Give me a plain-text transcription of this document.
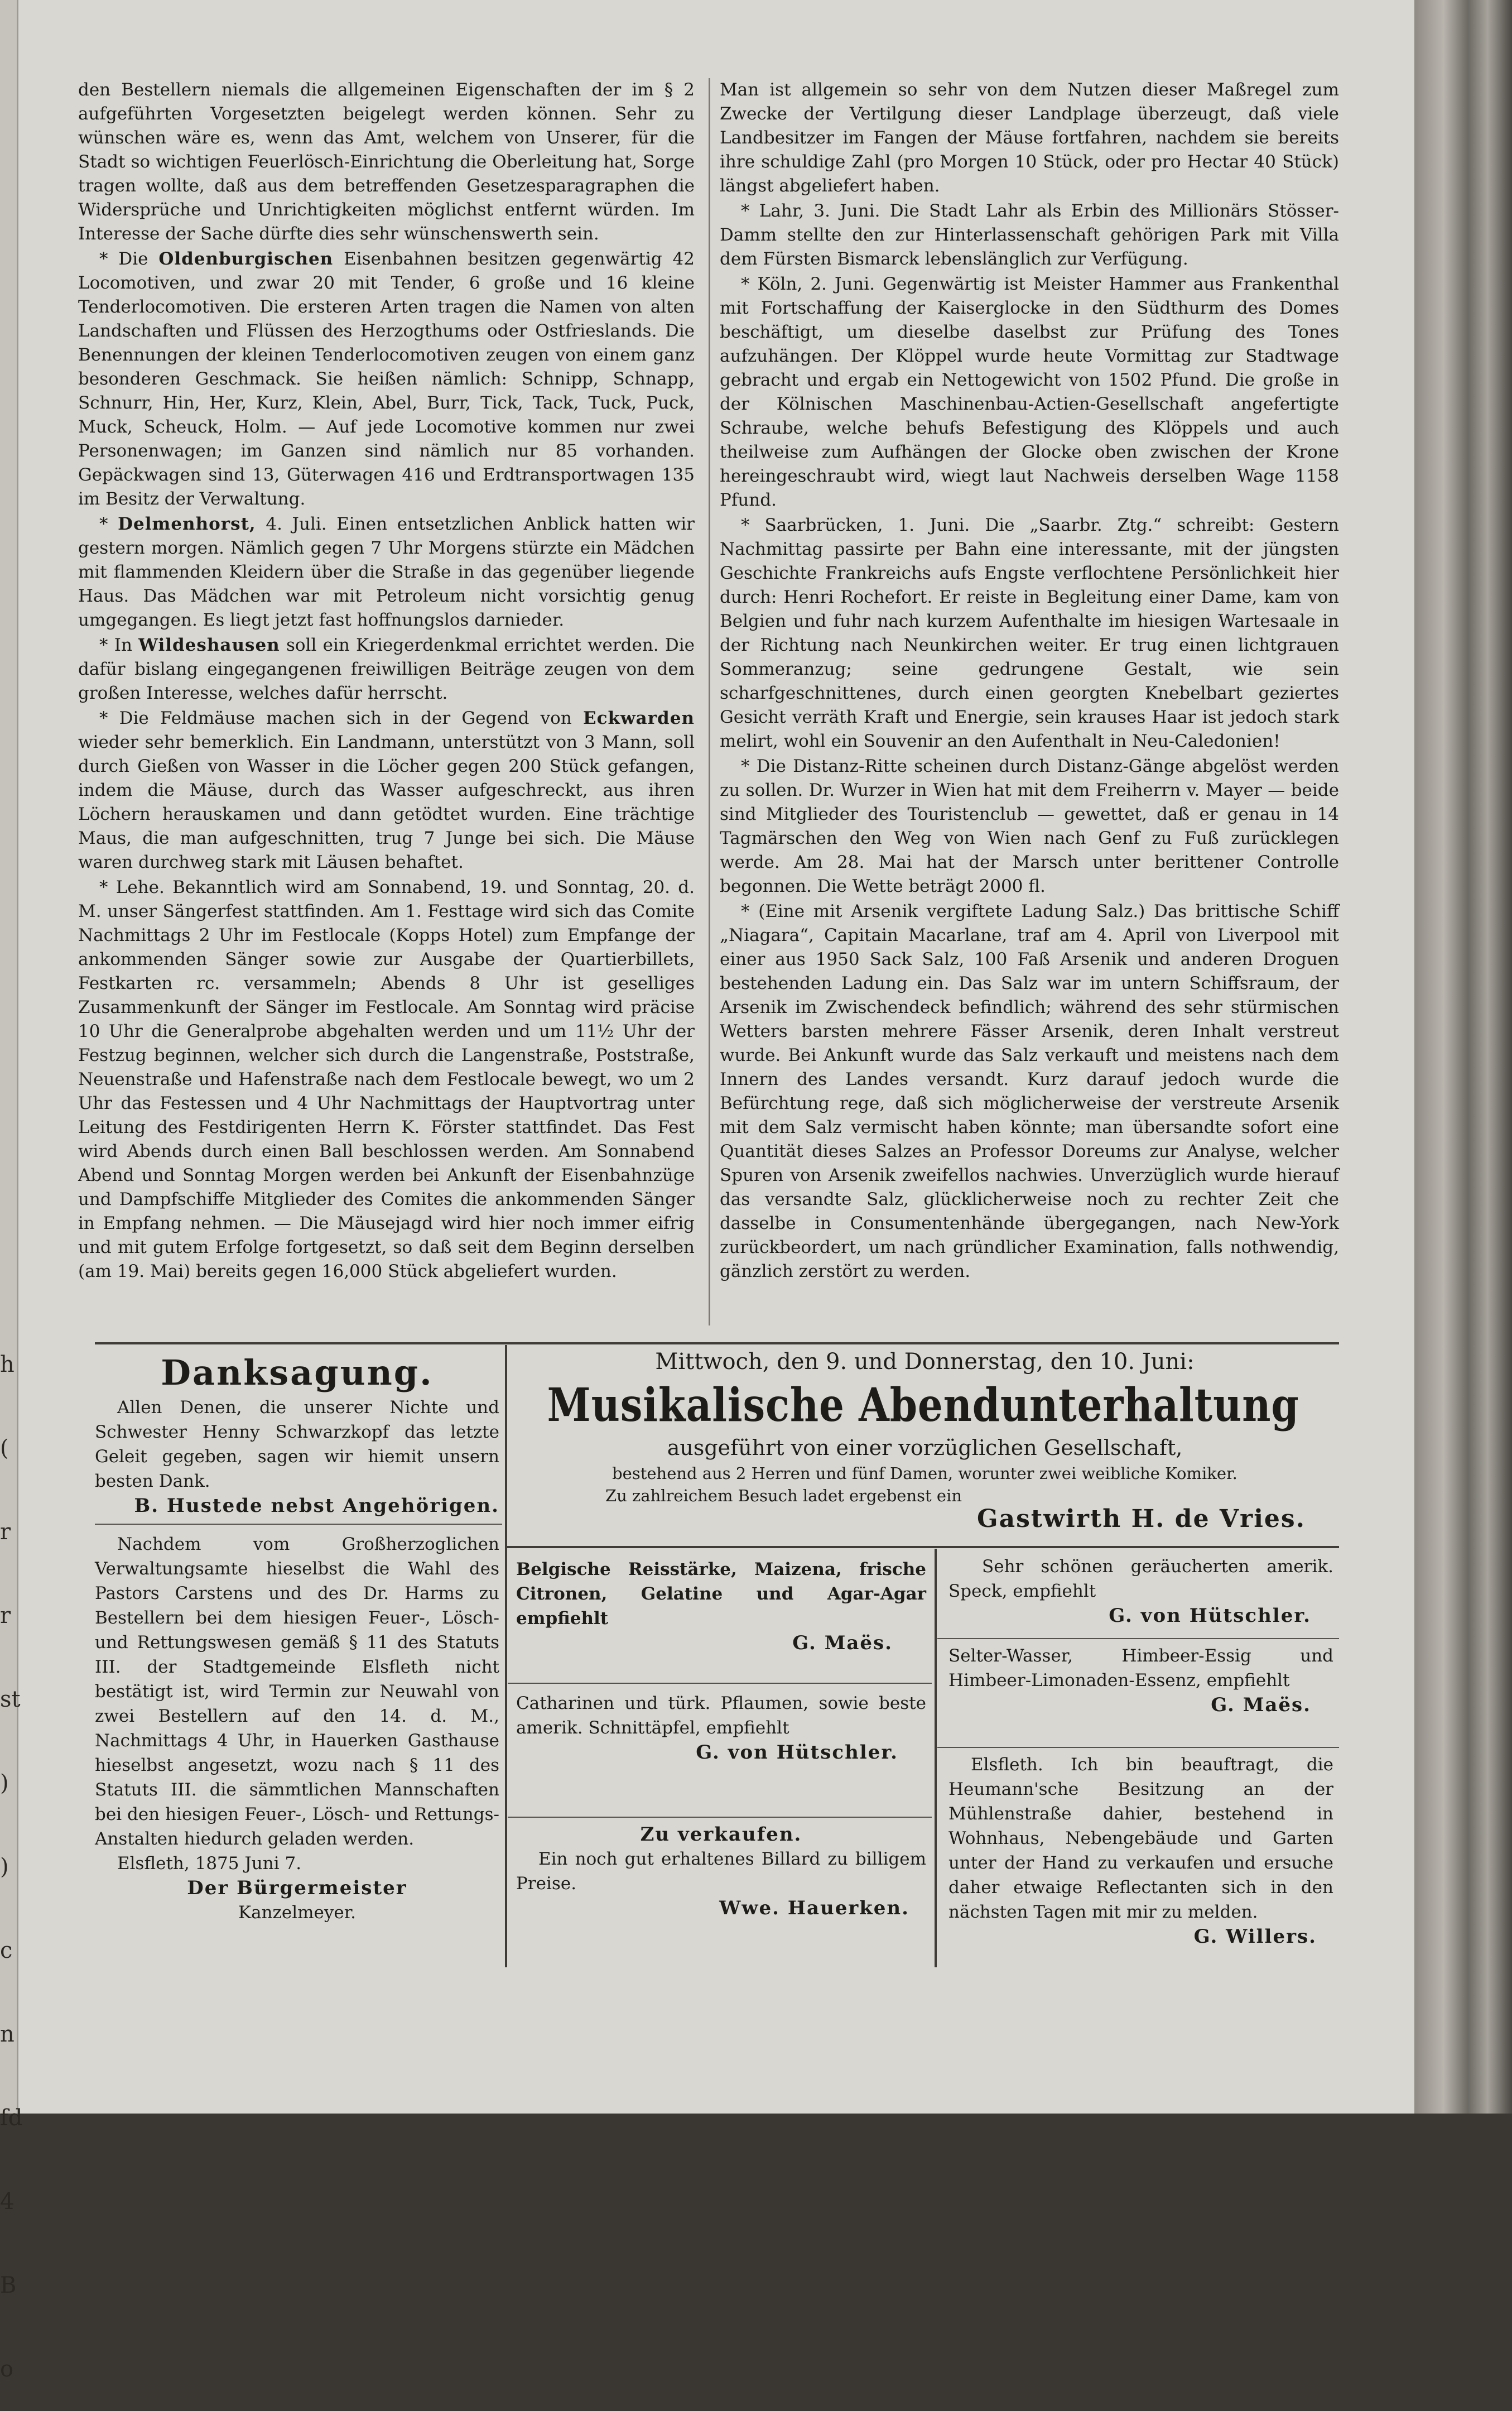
h
(
r
r
st
)
)
c
n
fd
4
B
o

den Bestellern niemals die allgemeinen Eigenschaften der im § 2 aufgeführten Vorgesetzten beigelegt werden können. Sehr zu wünschen wäre es, wenn das Amt, welchem von Unserer, für die Stadt so wichtigen Feuerlösch-Einrichtung die Oberleitung hat, Sorge tragen wollte, daß aus dem betreffenden Gesetzesparagraphen die Widersprüche und Unrichtigkeiten möglichst entfernt würden. Im Interesse der Sache dürfte dies sehr wünschenswerth sein.

* Die Oldenburgischen Eisenbahnen besitzen gegenwärtig 42 Locomotiven, und zwar 20 mit Tender, 6 große und 16 kleine Tenderlocomotiven. Die ersteren Arten tragen die Namen von alten Landschaften und Flüssen des Herzogthums oder Ostfrieslands. Die Benennungen der kleinen Tenderlocomotiven zeugen von einem ganz besonderen Geschmack. Sie heißen nämlich: Schnipp, Schnapp, Schnurr, Hin, Her, Kurz, Klein, Abel, Burr, Tick, Tack, Tuck, Puck, Muck, Scheuck, Holm. — Auf jede Locomotive kommen nur zwei Personenwagen; im Ganzen sind nämlich nur 85 vorhanden. Gepäckwagen sind 13, Güterwagen 416 und Erdtransportwagen 135 im Besitz der Verwaltung.

* Delmenhorst, 4. Juli. Einen entsetzlichen Anblick hatten wir gestern morgen. Nämlich gegen 7 Uhr Morgens stürzte ein Mädchen mit flammenden Kleidern über die Straße in das gegenüber liegende Haus. Das Mädchen war mit Petroleum nicht vorsichtig genug umgegangen. Es liegt jetzt fast hoffnungslos darnieder.

* In Wildeshausen soll ein Kriegerdenkmal errichtet werden. Die dafür bislang eingegangenen freiwilligen Beiträge zeugen von dem großen Interesse, welches dafür herrscht.

* Die Feldmäuse machen sich in der Gegend von Eckwarden wieder sehr bemerklich. Ein Landmann, unterstützt von 3 Mann, soll durch Gießen von Wasser in die Löcher gegen 200 Stück gefangen, indem die Mäuse, durch das Wasser aufgeschreckt, aus ihren Löchern herauskamen und dann getödtet wurden. Eine trächtige Maus, die man aufgeschnitten, trug 7 Junge bei sich. Die Mäuse waren durchweg stark mit Läusen behaftet.

* Lehe. Bekanntlich wird am Sonnabend, 19. und Sonntag, 20. d. M. unser Sängerfest stattfinden. Am 1. Festtage wird sich das Comite Nachmittags 2 Uhr im Festlocale (Kopps Hotel) zum Empfange der ankommenden Sänger sowie zur Ausgabe der Quartierbillets, Festkarten rc. versammeln; Abends 8 Uhr ist geselliges Zusammenkunft der Sänger im Festlocale. Am Sonntag wird präcise 10 Uhr die Generalprobe abgehalten werden und um 11½ Uhr der Festzug beginnen, welcher sich durch die Langenstraße, Poststraße, Neuenstraße und Hafenstraße nach dem Festlocale bewegt, wo um 2 Uhr das Festessen und 4 Uhr Nachmittags der Hauptvortrag unter Leitung des Festdirigenten Herrn K. Förster stattfindet. Das Fest wird Abends durch einen Ball beschlossen werden. Am Sonnabend Abend und Sonntag Morgen werden bei Ankunft der Eisenbahnzüge und Dampfschiffe Mitglieder des Comites die ankommenden Sänger in Empfang nehmen. — Die Mäusejagd wird hier noch immer eifrig und mit gutem Erfolge fortgesetzt, so daß seit dem Beginn derselben (am 19. Mai) bereits gegen 16,000 Stück abgeliefert wurden.

Man ist allgemein so sehr von dem Nutzen dieser Maßregel zum Zwecke der Vertilgung dieser Landplage überzeugt, daß viele Landbesitzer im Fangen der Mäuse fortfahren, nachdem sie bereits ihre schuldige Zahl (pro Morgen 10 Stück, oder pro Hectar 40 Stück) längst abgeliefert haben.

* Lahr, 3. Juni. Die Stadt Lahr als Erbin des Millionärs Stösser-Damm stellte den zur Hinterlassenschaft gehörigen Park mit Villa dem Fürsten Bismarck lebenslänglich zur Verfügung.

* Köln, 2. Juni. Gegenwärtig ist Meister Hammer aus Frankenthal mit Fortschaffung der Kaiserglocke in den Südthurm des Domes beschäftigt, um dieselbe daselbst zur Prüfung des Tones aufzuhängen. Der Klöppel wurde heute Vormittag zur Stadtwage gebracht und ergab ein Nettogewicht von 1502 Pfund. Die große in der Kölnischen Maschinenbau-Actien-Gesellschaft angefertigte Schraube, welche behufs Befestigung des Klöppels und auch theilweise zum Aufhängen der Glocke oben zwischen der Krone hereingeschraubt wird, wiegt laut Nachweis derselben Wage 1158 Pfund.

* Saarbrücken, 1. Juni. Die „Saarbr. Ztg.“ schreibt: Gestern Nachmittag passirte per Bahn eine interessante, mit der jüngsten Geschichte Frankreichs aufs Engste verflochtene Persönlichkeit hier durch: Henri Rochefort. Er reiste in Begleitung einer Dame, kam von Belgien und fuhr nach kurzem Aufenthalte im hiesigen Wartesaale in der Richtung nach Neunkirchen weiter. Er trug einen lichtgrauen Sommeranzug; seine gedrungene Gestalt, wie sein scharfgeschnittenes, durch einen georgten Knebelbart geziertes Gesicht verräth Kraft und Energie, sein krauses Haar ist jedoch stark melirt, wohl ein Souvenir an den Aufenthalt in Neu-Caledonien!

* Die Distanz-Ritte scheinen durch Distanz-Gänge abgelöst werden zu sollen. Dr. Wurzer in Wien hat mit dem Freiherrn v. Mayer — beide sind Mitglieder des Touristenclub — gewettet, daß er genau in 14 Tagmärschen den Weg von Wien nach Genf zu Fuß zurücklegen werde. Am 28. Mai hat der Marsch unter berittener Controlle begonnen. Die Wette beträgt 2000 fl.

* (Eine mit Arsenik vergiftete Ladung Salz.) Das brittische Schiff „Niagara“, Capitain Macarlane, traf am 4. April von Liverpool mit einer aus 1950 Sack Salz, 100 Faß Arsenik und anderen Droguen bestehenden Ladung ein. Das Salz war im untern Schiffsraum, der Arsenik im Zwischendeck befindlich; während des sehr stürmischen Wetters barsten mehrere Fässer Arsenik, deren Inhalt verstreut wurde. Bei Ankunft wurde das Salz verkauft und meistens nach dem Innern des Landes versandt. Kurz darauf jedoch wurde die Befürchtung rege, daß sich möglicherweise der verstreute Arsenik mit dem Salz vermischt haben könnte; man übersandte sofort eine Quantität dieses Salzes an Professor Doreums zur Analyse, welcher Spuren von Arsenik zweifellos nachwies. Unverzüglich wurde hierauf das versandte Salz, glücklicherweise noch zu rechter Zeit che dasselbe in Consumentenhände übergegangen, nach New-York zurückbeordert, um nach gründlicher Examination, falls nothwendig, gänzlich zerstört zu werden.

Danksagung.

Allen Denen, die unserer Nichte und Schwester Henny Schwarzkopf das letzte Geleit gegeben, sagen wir hiemit unsern besten Dank.

B. Hustede nebst Angehörigen.

Nachdem vom Großherzoglichen Verwaltungsamte hieselbst die Wahl des Pastors Carstens und des Dr. Harms zu Bestellern bei dem hiesigen Feuer-, Lösch- und Rettungswesen gemäß § 11 des Statuts III. der Stadtgemeinde Elsfleth nicht bestätigt ist, wird Termin zur Neuwahl von zwei Bestellern auf den 14. d. M., Nachmittags 4 Uhr, in Hauerken Gasthause hieselbst angesetzt, wozu nach § 11 des Statuts III. die sämmtlichen Mannschaften bei den hiesigen Feuer-, Lösch- und Rettungs-Anstalten hiedurch geladen werden.

Elsfleth, 1875 Juni 7.

Der Bürgermeister

Kanzelmeyer.

Mittwoch, den 9. und Donnerstag, den 10. Juni:

Musikalische Abendunterhaltung

ausgeführt von einer vorzüglichen Gesellschaft,

bestehend aus 2 Herren und fünf Damen, worunter zwei weibliche Komiker.

Zu zahlreichem Besuch ladet ergebenst ein

Gastwirth H. de Vries.

Belgische Reisstärke, Maizena, frische Citronen, Gelatine und Agar-Agar empfiehlt

G. Maës.

Catharinen und türk. Pflaumen, sowie beste amerik. Schnittäpfel, empfiehlt

G. von Hütschler.

Zu verkaufen.

Ein noch gut erhaltenes Billard zu billigem Preise.

Wwe. Hauerken.

Sehr schönen geräucherten amerik. Speck, empfiehlt

G. von Hütschler.

Selter-Wasser, Himbeer-Essig und Himbeer-Limonaden-Essenz, empfiehlt

G. Maës.

Elsfleth. Ich bin beauftragt, die Heumann'sche Besitzung an der Mühlenstraße dahier, bestehend in Wohnhaus, Nebengebäude und Garten unter der Hand zu verkaufen und ersuche daher etwaige Reflectanten sich in den nächsten Tagen mit mir zu melden.

G. Willers.
